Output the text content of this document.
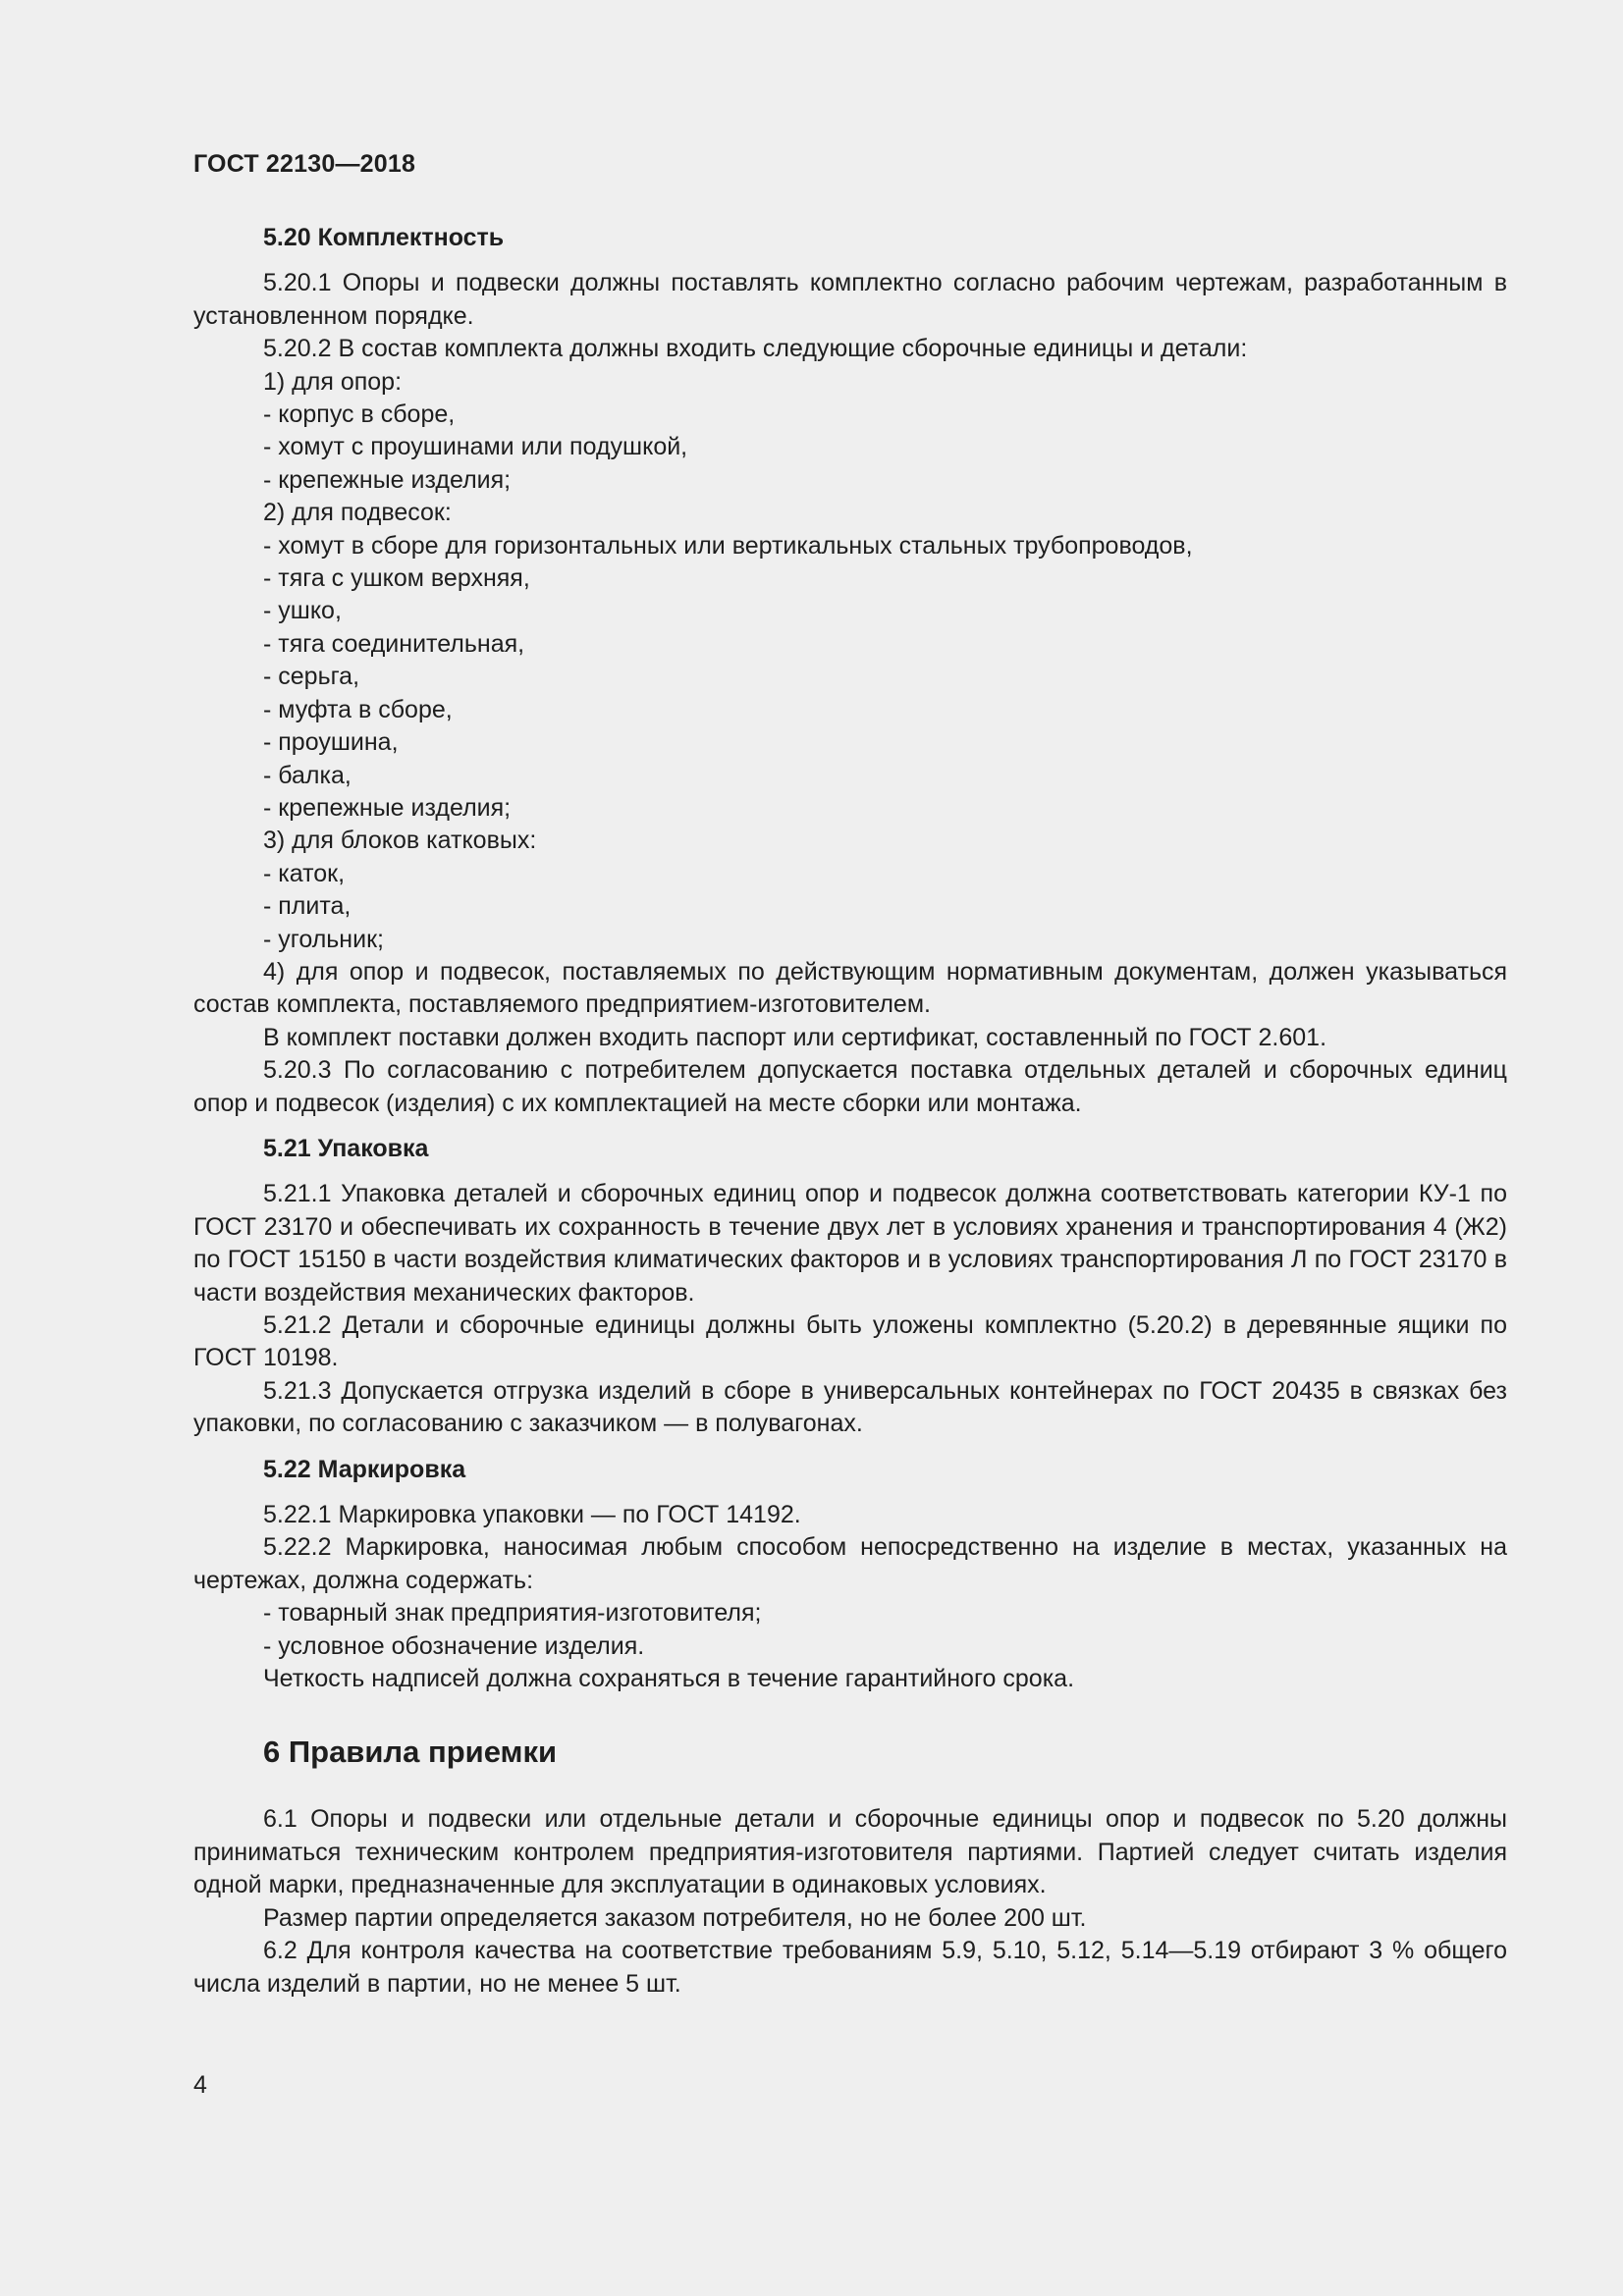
ГОСТ 22130—2018
5.20 Комплектность

5.20.1 Опоры и подвески должны поставлять комплектно согласно рабочим чертежам, разработанным в установленном порядке.

5.20.2 В состав комплекта должны входить следующие сборочные единицы и детали:

1) для опор:
- корпус в сборе,
- хомут с проушинами или подушкой,
- крепежные изделия;
2) для подвесок:
- хомут в сборе для горизонтальных или вертикальных стальных трубопроводов,
- тяга с ушком верхняя,
- ушко,
- тяга соединительная,
- серьга,
- муфта в сборе,
- проушина,
- балка,
- крепежные изделия;
3) для блоков катковых:
- каток,
- плита,
- угольник;

4) для опор и подвесок, поставляемых по действующим нормативным документам, должен указываться состав комплекта, поставляемого предприятием-изготовителем.

В комплект поставки должен входить паспорт или сертификат, составленный по ГОСТ 2.601.

5.20.3 По согласованию с потребителем допускается поставка отдельных деталей и сборочных единиц опор и подвесок (изделия) с их комплектацией на месте сборки или монтажа.

5.21 Упаковка

5.21.1 Упаковка деталей и сборочных единиц опор и подвесок должна соответствовать категории КУ-1 по ГОСТ 23170 и обеспечивать их сохранность в течение двух лет в условиях хранения и транспортирования 4 (Ж2) по ГОСТ 15150 в части воздействия климатических факторов и в условиях транспортирования Л по ГОСТ 23170 в части воздействия механических факторов.

5.21.2 Детали и сборочные единицы должны быть уложены комплектно (5.20.2) в деревянные ящики по ГОСТ 10198.

5.21.3 Допускается отгрузка изделий в сборе в универсальных контейнерах по ГОСТ 20435 в связках без упаковки, по согласованию с заказчиком — в полувагонах.

5.22 Маркировка

5.22.1 Маркировка упаковки — по ГОСТ 14192.

5.22.2 Маркировка, наносимая любым способом непосредственно на изделие в местах, указанных на чертежах, должна содержать:

- товарный знак предприятия-изготовителя;
- условное обозначение изделия.

Четкость надписей должна сохраняться в течение гарантийного срока.

6 Правила приемки

6.1 Опоры и подвески или отдельные детали и сборочные единицы опор и подвесок по 5.20 должны приниматься техническим контролем предприятия-изготовителя партиями. Партией следует считать изделия одной марки, предназначенные для эксплуатации в одинаковых условиях.

Размер партии определяется заказом потребителя, но не более 200 шт.

6.2 Для контроля качества на соответствие требованиям 5.9, 5.10, 5.12, 5.14—5.19 отбирают 3 % общего числа изделий в партии, но не менее 5 шт.

4
